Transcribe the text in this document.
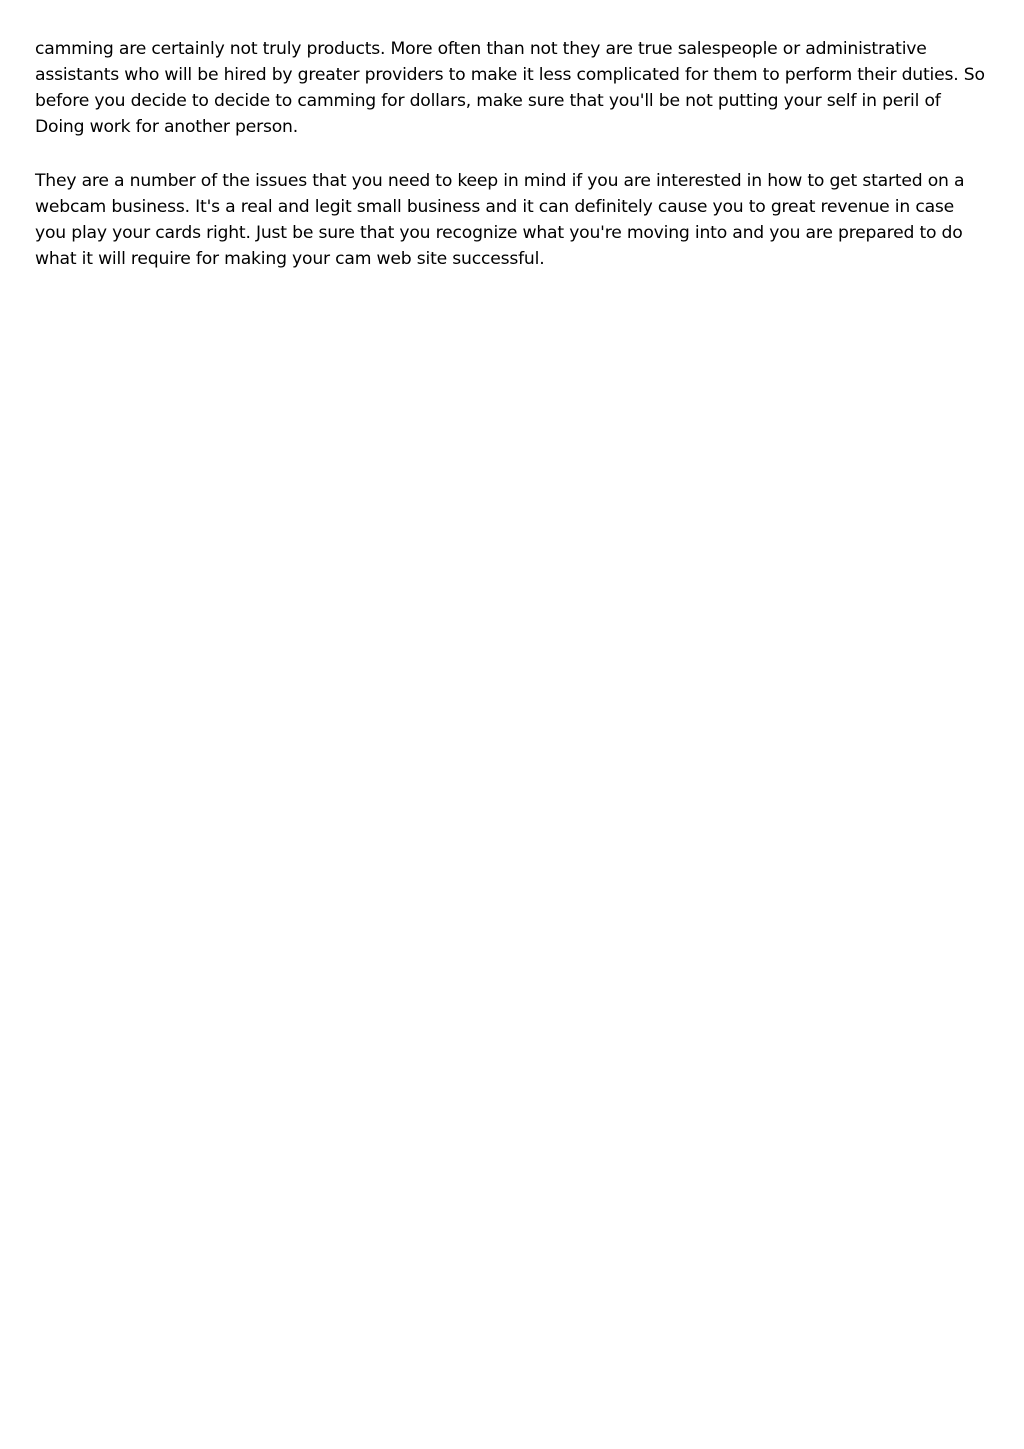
camming are certainly not truly products. More often than not they are true salespeople or administrative assistants who will be hired by greater providers to make it less complicated for them to perform their duties. So before you decide to decide to camming for dollars, make sure that you'll be not putting your self in peril of Doing work for another person.

They are a number of the issues that you need to keep in mind if you are interested in how to get started on a webcam business. It's a real and legit small business and it can definitely cause you to great revenue in case you play your cards right. Just be sure that you recognize what you're moving into and you are prepared to do what it will require for making your cam web site successful.
